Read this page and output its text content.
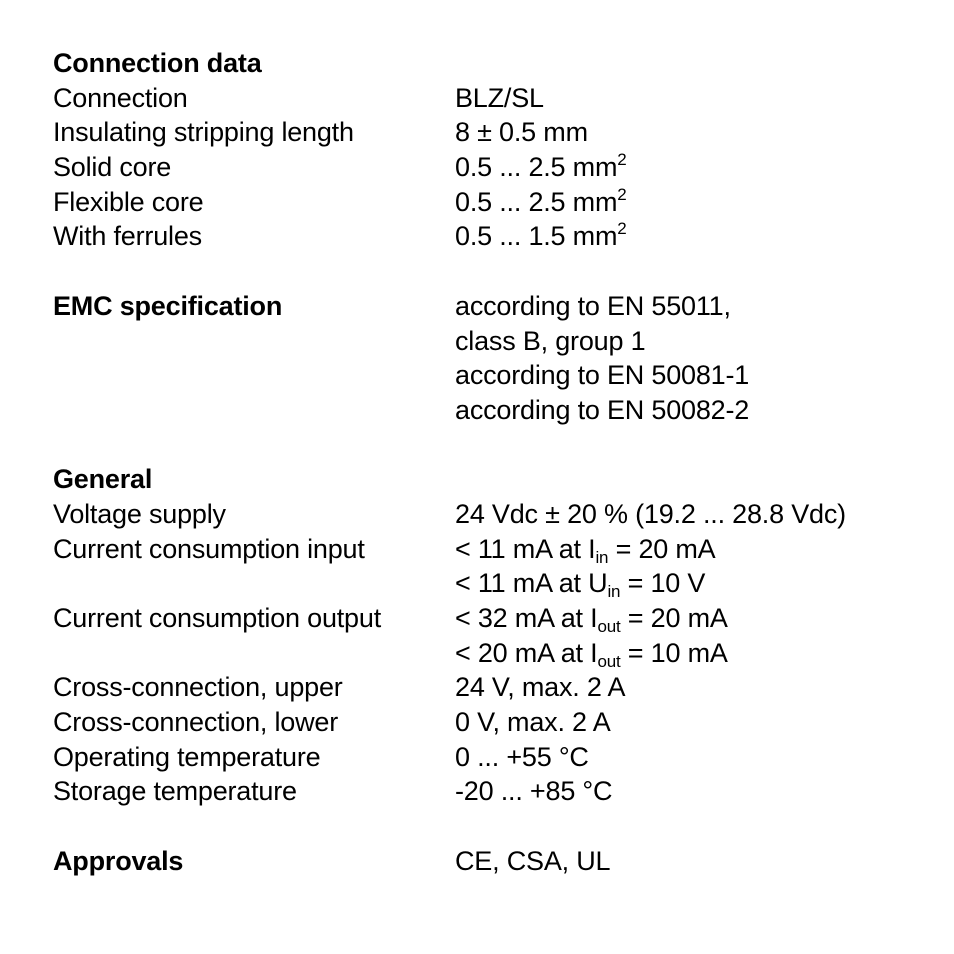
Connection data
Connection	BLZ/SL
Insulating stripping length	8 ± 0.5 mm
Solid core	0.5 ... 2.5 $mm^2$
Flexible core	0.5 ... 2.5 $mm^2$
With ferrules	0.5 ... 1.5 $mm^2$
EMC specification	according to EN 55011,
class B, group 1
according to EN 50081-1
according to EN 50082-2
General
Voltage supply	24 Vdc ± 20 % (19.2 ... 28.8 Vdc)
Current consumption input	< 11 mA at $I_{in} = 20$ mA
< 11 mA at $U_{in} = 10$ V
Current consumption output	< 32 mA at $I_{out} = 20$ mA
< 20 mA at $I_{out} = 10$ mA
Cross-connection, upper	24 V, max. 2 A
Cross-connection, lower	0 V, max. 2 A
Operating temperature	0 ... +55 °C
Storage temperature	-20 ... +85 °C
Approvals	CE, CSA, UL
